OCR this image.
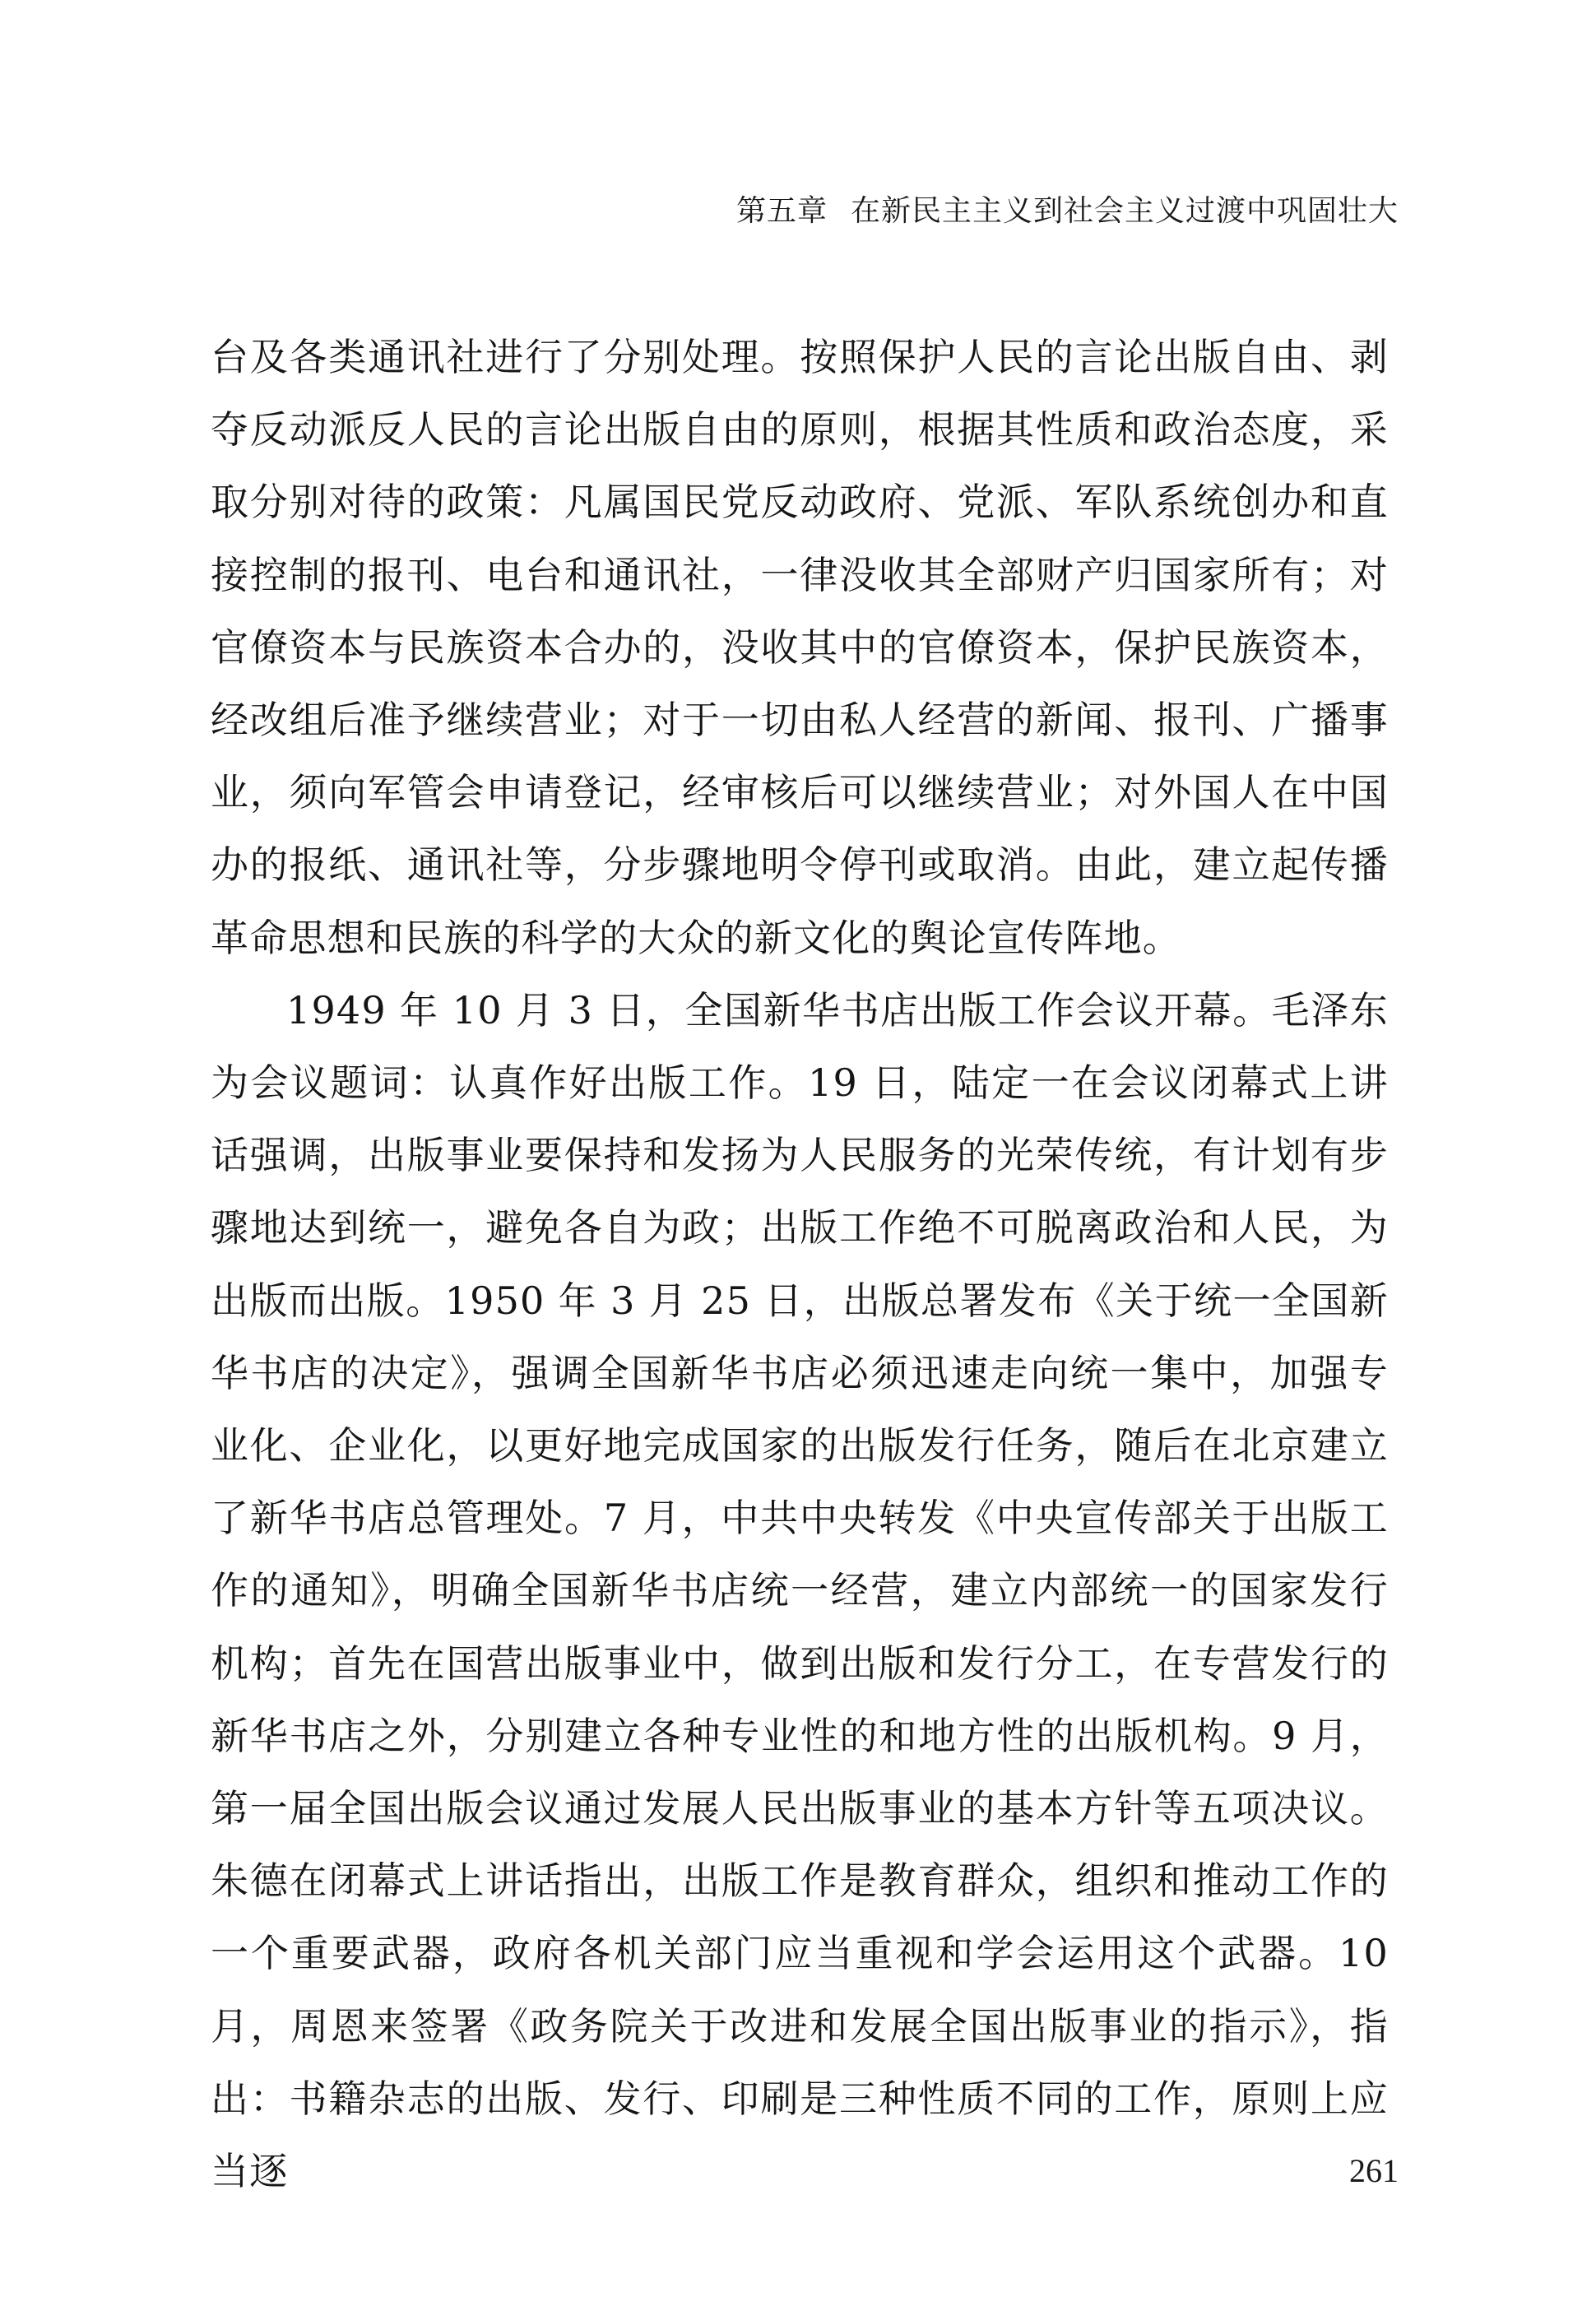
第五章 在新民主主义到社会主义过渡中巩固壮大

台及各类通讯社进行了分别处理。按照保护人民的言论出版自由、剥夺反动派反人民的言论出版自由的原则，根据其性质和政治态度，采取分别对待的政策：凡属国民党反动政府、党派、军队系统创办和直接控制的报刊、电台和通讯社，一律没收其全部财产归国家所有；对官僚资本与民族资本合办的，没收其中的官僚资本，保护民族资本，经改组后准予继续营业；对于一切由私人经营的新闻、报刊、广播事业，须向军管会申请登记，经审核后可以继续营业；对外国人在中国办的报纸、通讯社等，分步骤地明令停刊或取消。由此，建立起传播革命思想和民族的科学的大众的新文化的舆论宣传阵地。

1949 年 10 月 3 日，全国新华书店出版工作会议开幕。毛泽东为会议题词：认真作好出版工作。19 日，陆定一在会议闭幕式上讲话强调，出版事业要保持和发扬为人民服务的光荣传统，有计划有步骤地达到统一，避免各自为政；出版工作绝不可脱离政治和人民，为出版而出版。1950 年 3 月 25 日，出版总署发布《关于统一全国新华书店的决定》，强调全国新华书店必须迅速走向统一集中，加强专业化、企业化，以更好地完成国家的出版发行任务，随后在北京建立了新华书店总管理处。7 月，中共中央转发《中央宣传部关于出版工作的通知》，明确全国新华书店统一经营，建立内部统一的国家发行机构；首先在国营出版事业中，做到出版和发行分工，在专营发行的新华书店之外，分别建立各种专业性的和地方性的出版机构。9 月，第一届全国出版会议通过发展人民出版事业的基本方针等五项决议。朱德在闭幕式上讲话指出，出版工作是教育群众，组织和推动工作的一个重要武器，政府各机关部门应当重视和学会运用这个武器。10 月，周恩来签署《政务院关于改进和发展全国出版事业的指示》，指出：书籍杂志的出版、发行、印刷是三种性质不同的工作，原则上应当逐	261
